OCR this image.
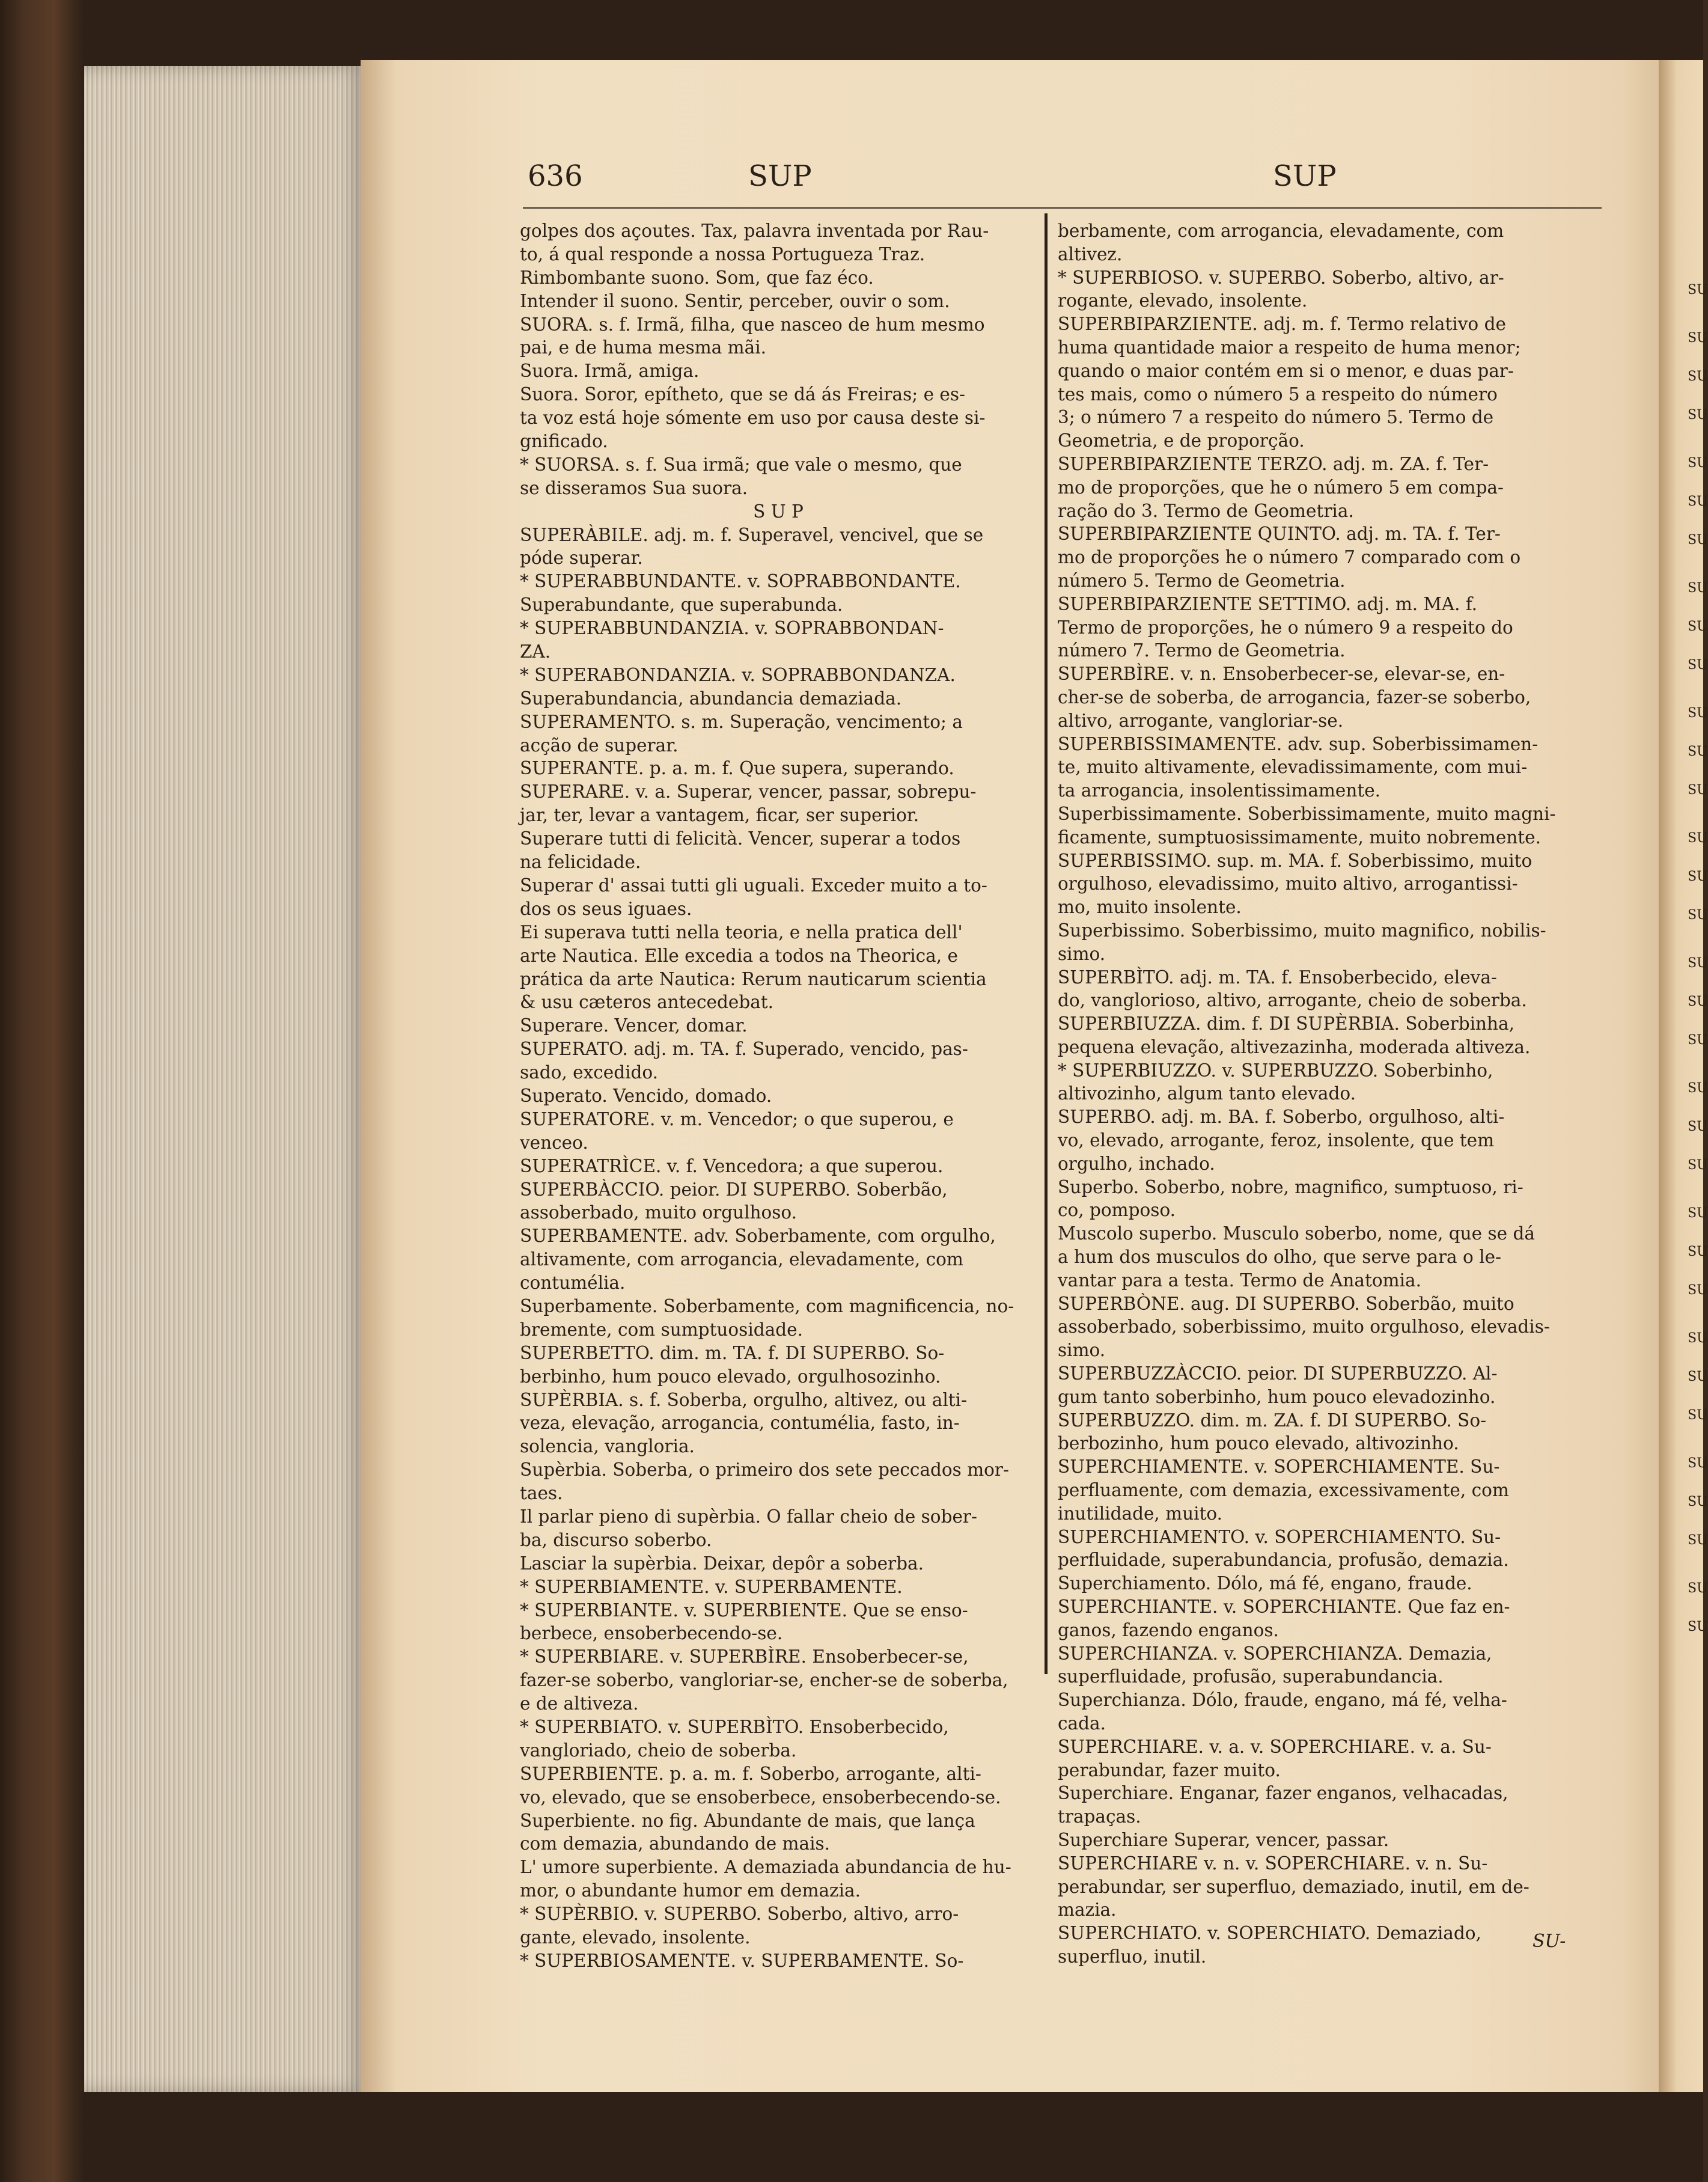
636	SUP	SUP
golpes dos açoutes. Tax, palavra inventada por Rau-
to, á qual responde a nossa Portugueza Traz.
Rimbombante suono. Som, que faz éco.
Intender il suono. Sentir, perceber, ouvir o som.
SUORA. s. f. Irmã, filha, que nasceo de hum mesmo
pai, e de huma mesma mãi.
Suora. Irmã, amiga.
Suora. Soror, epítheto, que se dá ás Freiras; e es-
ta voz está hoje sómente em uso por causa deste si-
gnificado.
* SUORSA. s. f. Sua irmã; que vale o mesmo, que
se disseramos Sua suora.
S U P
SUPERÀBILE. adj. m. f. Superavel, vencivel, que se
póde superar.
* SUPERABBUNDANTE. v. SOPRABBONDANTE.
Superabundante, que superabunda.
* SUPERABBUNDANZIA. v. SOPRABBONDAN-
ZA.
* SUPERABONDANZIA. v. SOPRABBONDANZA.
Superabundancia, abundancia demaziada.
SUPERAMENTO. s. m. Superação, vencimento; a
acção de superar.
SUPERANTE. p. a. m. f. Que supera, superando.
SUPERARE. v. a. Superar, vencer, passar, sobrepu-
jar, ter, levar a vantagem, ficar, ser superior.
Superare tutti di felicità. Vencer, superar a todos
na felicidade.
Superar d' assai tutti gli uguali. Exceder muito a to-
dos os seus iguaes.
Ei superava tutti nella teoria, e nella pratica dell'
arte Nautica. Elle excedia a todos na Theorica, e
prática da arte Nautica: Rerum nauticarum scientia
& usu cæteros antecedebat.
Superare. Vencer, domar.
SUPERATO. adj. m. TA. f. Superado, vencido, pas-
sado, excedido.
Superato. Vencido, domado.
SUPERATORE. v. m. Vencedor; o que superou, e
venceo.
SUPERATRÌCE. v. f. Vencedora; a que superou.
SUPERBÀCCIO. peior. DI SUPERBO. Soberbão,
assoberbado, muito orgulhoso.
SUPERBAMENTE. adv. Soberbamente, com orgulho,
altivamente, com arrogancia, elevadamente, com
contumélia.
Superbamente. Soberbamente, com magnificencia, no-
bremente, com sumptuosidade.
SUPERBETTO. dim. m. TA. f. DI SUPERBO. So-
berbinho, hum pouco elevado, orgulhosozinho.
SUPÈRBIA. s. f. Soberba, orgulho, altivez, ou alti-
veza, elevação, arrogancia, contumélia, fasto, in-
solencia, vangloria.
Supèrbia. Soberba, o primeiro dos sete peccados mor-
taes.
Il parlar pieno di supèrbia. O fallar cheio de sober-
ba, discurso soberbo.
Lasciar la supèrbia. Deixar, depôr a soberba.
* SUPERBIAMENTE. v. SUPERBAMENTE.
* SUPERBIANTE. v. SUPERBIENTE. Que se enso-
berbece, ensoberbecendo-se.
* SUPERBIARE. v. SUPERBÌRE. Ensoberbecer-se,
fazer-se soberbo, vangloriar-se, encher-se de soberba,
e de altiveza.
* SUPERBIATO. v. SUPERBÌTO. Ensoberbecido,
vangloriado, cheio de soberba.
SUPERBIENTE. p. a. m. f. Soberbo, arrogante, alti-
vo, elevado, que se ensoberbece, ensoberbecendo-se.
Superbiente. no fig. Abundante de mais, que lança
com demazia, abundando de mais.
L' umore superbiente. A demaziada abundancia de hu-
mor, o abundante humor em demazia.
* SUPÈRBIO. v. SUPERBO. Soberbo, altivo, arro-
gante, elevado, insolente.
* SUPERBIOSAMENTE. v. SUPERBAMENTE. So-
berbamente, com arrogancia, elevadamente, com
altivez.
* SUPERBIOSO. v. SUPERBO. Soberbo, altivo, ar-
rogante, elevado, insolente.
SUPERBIPARZIENTE. adj. m. f. Termo relativo de
huma quantidade maior a respeito de huma menor;
quando o maior contém em si o menor, e duas par-
tes mais, como o número 5 a respeito do número
3; o número 7 a respeito do número 5. Termo de
Geometria, e de proporção.
SUPERBIPARZIENTE TERZO. adj. m. ZA. f. Ter-
mo de proporções, que he o número 5 em compa-
ração do 3. Termo de Geometria.
SUPERBIPARZIENTE QUINTO. adj. m. TA. f. Ter-
mo de proporções he o número 7 comparado com o
número 5. Termo de Geometria.
SUPERBIPARZIENTE SETTIMO. adj. m. MA. f.
Termo de proporções, he o número 9 a respeito do
número 7. Termo de Geometria.
SUPERBÌRE. v. n. Ensoberbecer-se, elevar-se, en-
cher-se de soberba, de arrogancia, fazer-se soberbo,
altivo, arrogante, vangloriar-se.
SUPERBISSIMAMENTE. adv. sup. Soberbissimamen-
te, muito altivamente, elevadissimamente, com mui-
ta arrogancia, insolentissimamente.
Superbissimamente. Soberbissimamente, muito magni-
ficamente, sumptuosissimamente, muito nobremente.
SUPERBISSIMO. sup. m. MA. f. Soberbissimo, muito
orgulhoso, elevadissimo, muito altivo, arrogantissi-
mo, muito insolente.
Superbissimo. Soberbissimo, muito magnifico, nobilis-
simo.
SUPERBÌTO. adj. m. TA. f. Ensoberbecido, eleva-
do, vanglorioso, altivo, arrogante, cheio de soberba.
SUPERBIUZZA. dim. f. DI SUPÈRBIA. Soberbinha,
pequena elevação, altivezazinha, moderada altiveza.
* SUPERBIUZZO. v. SUPERBUZZO. Soberbinho,
altivozinho, algum tanto elevado.
SUPERBO. adj. m. BA. f. Soberbo, orgulhoso, alti-
vo, elevado, arrogante, feroz, insolente, que tem
orgulho, inchado.
Superbo. Soberbo, nobre, magnifico, sumptuoso, ri-
co, pomposo.
Muscolo superbo. Musculo soberbo, nome, que se dá
a hum dos musculos do olho, que serve para o le-
vantar para a testa. Termo de Anatomia.
SUPERBÒNE. aug. DI SUPERBO. Soberbão, muito
assoberbado, soberbissimo, muito orgulhoso, elevadis-
simo.
SUPERBUZZÀCCIO. peior. DI SUPERBUZZO. Al-
gum tanto soberbinho, hum pouco elevadozinho.
SUPERBUZZO. dim. m. ZA. f. DI SUPERBO. So-
berbozinho, hum pouco elevado, altivozinho.
SUPERCHIAMENTE. v. SOPERCHIAMENTE. Su-
perfluamente, com demazia, excessivamente, com
inutilidade, muito.
SUPERCHIAMENTO. v. SOPERCHIAMENTO. Su-
perfluidade, superabundancia, profusão, demazia.
Superchiamento. Dólo, má fé, engano, fraude.
SUPERCHIANTE. v. SOPERCHIANTE. Que faz en-
ganos, fazendo enganos.
SUPERCHIANZA. v. SOPERCHIANZA. Demazia,
superfluidade, profusão, superabundancia.
Superchianza. Dólo, fraude, engano, má fé, velha-
cada.
SUPERCHIARE. v. a. v. SOPERCHIARE. v. a. Su-
perabundar, fazer muito.
Superchiare. Enganar, fazer enganos, velhacadas,
trapaças.
Superchiare Superar, vencer, passar.
SUPERCHIARE v. n. v. SOPERCHIARE. v. n. Su-
perabundar, ser superfluo, demaziado, inutil, em de-
mazia.
SUPERCHIATO. v. SOPERCHIATO. Demaziado,
superfluo, inutil.
SU-
SU
SU
SU
SU
SU
SU
SU
SU
SU
SU
SU
SU
SU
SU
SU
SU
SU
SU
SU
SU
SU
SU
SU
SU
SU
SU
SU
SU
SU
SU
SU
SU
SU
